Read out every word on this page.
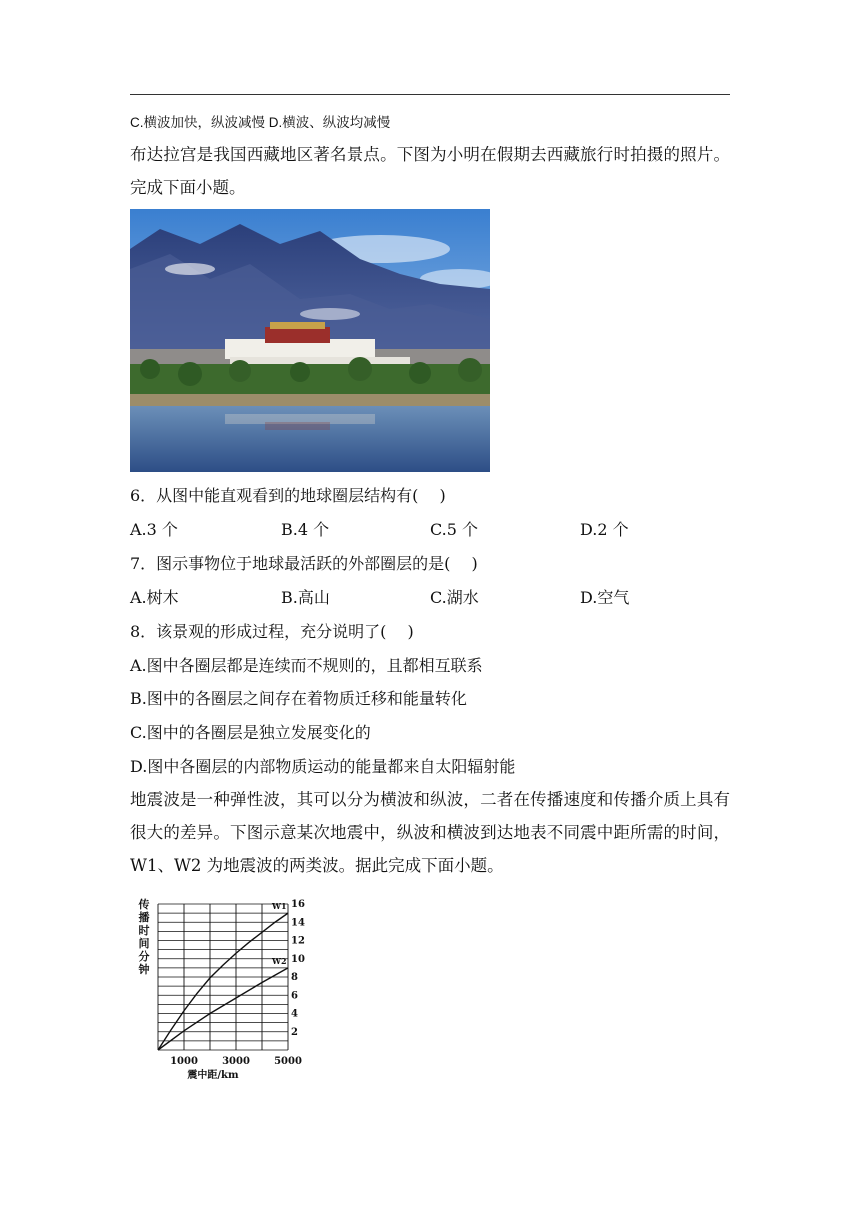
C.横波加快，纵波减慢 D.横波、纵波均减慢
布达拉宫是我国西藏地区著名景点。下图为小明在假期去西藏旅行时拍摄的照片。完成下面小题。
6．从图中能直观看到的地球圈层结构有(　 )
A.3 个	B.4 个	C.5 个	D.2 个
7．图示事物位于地球最活跃的外部圈层的是(　 )
A.树木	B.高山	C.湖水	D.空气
8．该景观的形成过程，充分说明了(　 )
A.图中各圈层都是连续而不规则的，且都相互联系
B.图中的各圈层之间存在着物质迁移和能量转化
C.图中的各圈层是独立发展变化的
D.图中各圈层的内部物质运动的能量都来自太阳辐射能
地震波是一种弹性波，其可以分为横波和纵波，二者在传播速度和传播介质上具有很大的差异。下图示意某次地震中，纵波和横波到达地表不同震中距所需的时间，W1、W2 为地震波的两类波。据此完成下面小题。
W1
W2
2
4
6
8
10
12
14
16
1000 3000 5000
震中距/km
传
播
时
间
分
钟
